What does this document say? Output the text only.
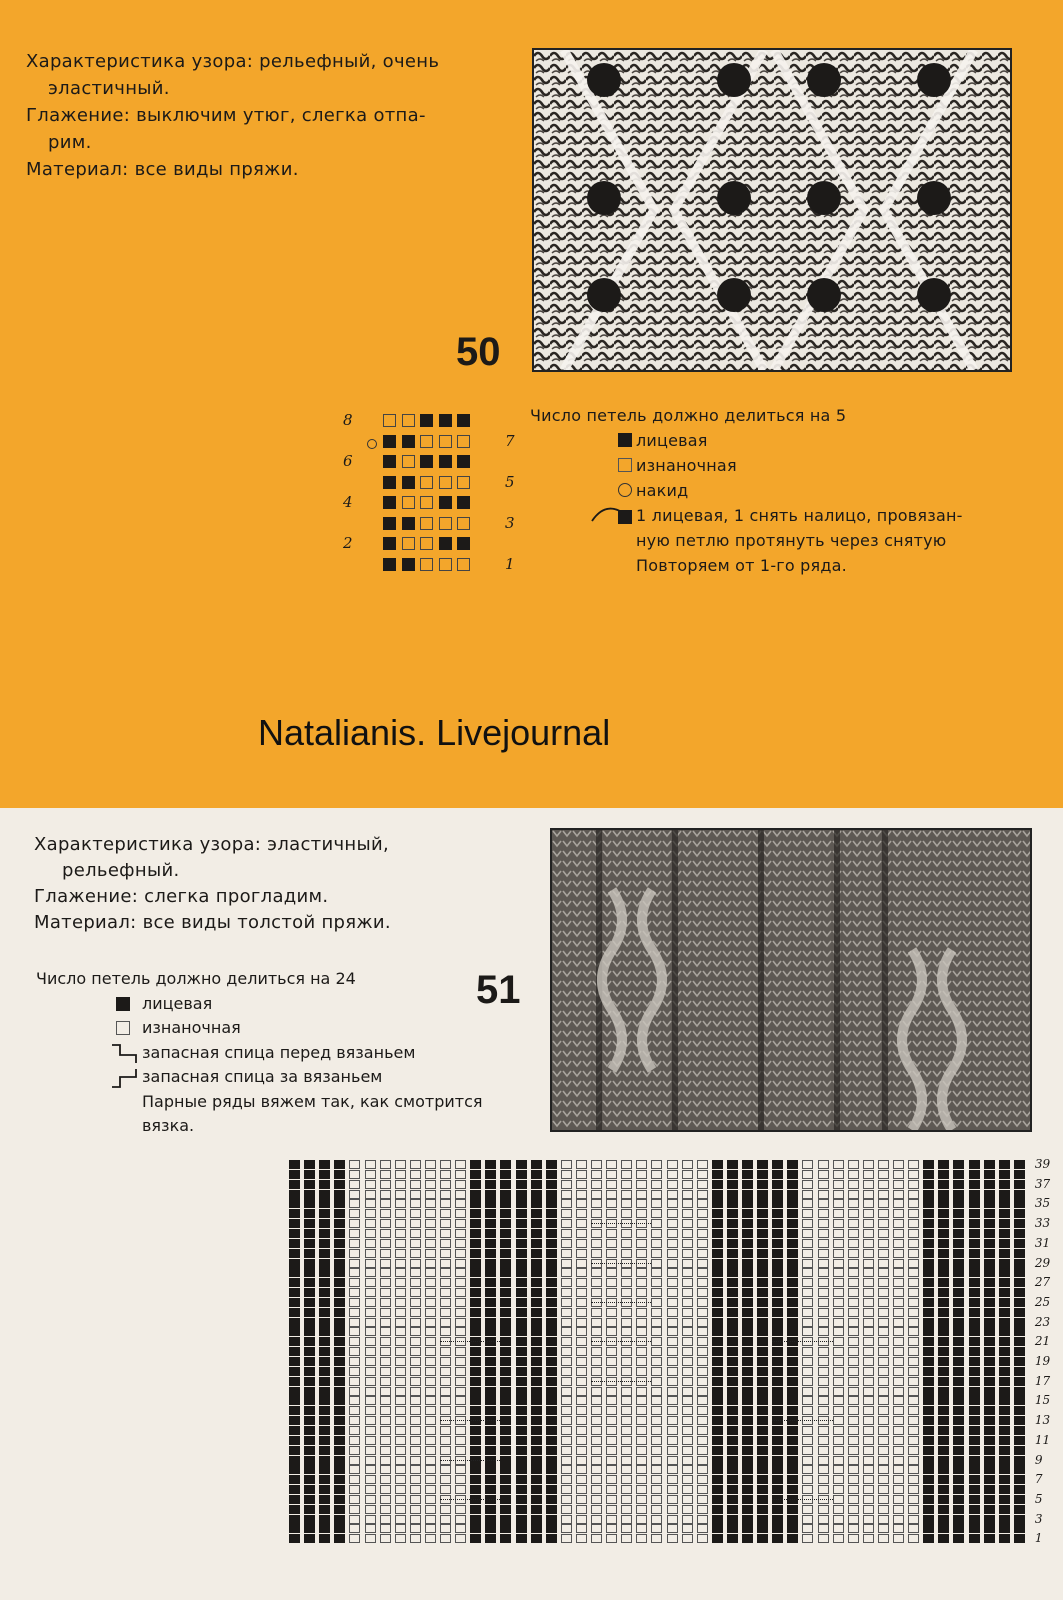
Характеристика узора: рельефный, очень

эластичный.

Глажение: выключим утюг, слегка отпа-

рим.

Материал: все виды пряжи.

50
8
7
6
5
4
3
2
1
Число петель должно делиться на 5
лицевая
изнаночная
накид
1 лицевая, 1 снять налицо, провязан-
ную петлю протянуть через снятую
Повторяем от 1-го ряда.
Natalianis. Livejournal

Характеристика узора: эластичный,

рельефный.

Глажение: слегка прогладим.

Материал: все виды толстой пряжи.

51
Число петель должно делиться на 24
лицевая
изнаночная
запасная спица перед вязаньем
запасная спица за вязаньем
Парные ряды вяжем так, как смотрится
вязка.
39
37
35
33
31
29
27
25
23
21
19
17
15
13
11
9
7
5
3
1
